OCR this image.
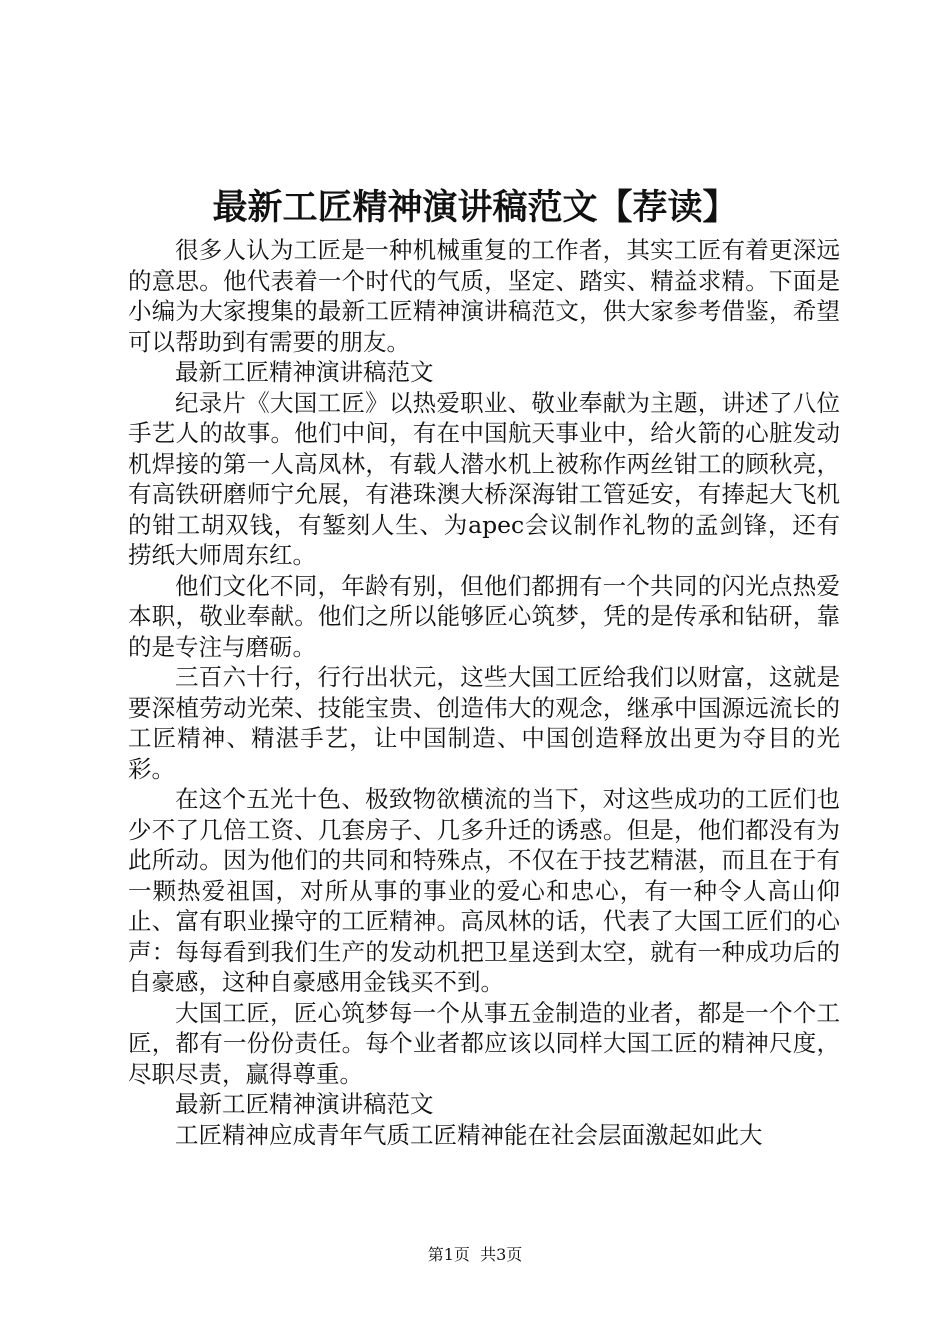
最新工匠精神演讲稿范文【荐读】

很多人认为工匠是一种机械重复的工作者，其实工匠有着更深远的意思。他代表着一个时代的气质，坚定、踏实、精益求精。下面是小编为大家搜集的最新工匠精神演讲稿范文，供大家参考借鉴，希望可以帮助到有需要的朋友。

最新工匠精神演讲稿范文

纪录片《大国工匠》以热爱职业、敬业奉献为主题，讲述了八位手艺人的故事。他们中间，有在中国航天事业中，给火箭的心脏发动机焊接的第一人高凤林，有载人潜水机上被称作两丝钳工的顾秋亮，有高铁研磨师宁允展，有港珠澳大桥深海钳工管延安，有捧起大飞机的钳工胡双钱，有錾刻人生、为apec会议制作礼物的孟剑锋，还有捞纸大师周东红。

他们文化不同，年龄有别，但他们都拥有一个共同的闪光点热爱本职，敬业奉献。他们之所以能够匠心筑梦，凭的是传承和钻研，靠的是专注与磨砺。

三百六十行，行行出状元，这些大国工匠给我们以财富，这就是要深植劳动光荣、技能宝贵、创造伟大的观念，继承中国源远流长的工匠精神、精湛手艺，让中国制造、中国创造释放出更为夺目的光彩。

在这个五光十色、极致物欲横流的当下，对这些成功的工匠们也少不了几倍工资、几套房子、几多升迁的诱惑。但是，他们都没有为此所动。因为他们的共同和特殊点，不仅在于技艺精湛，而且在于有一颗热爱祖国，对所从事的事业的爱心和忠心，有一种令人高山仰止、富有职业操守的工匠精神。高凤林的话，代表了大国工匠们的心声：每每看到我们生产的发动机把卫星送到太空，就有一种成功后的自豪感，这种自豪感用金钱买不到。

大国工匠，匠心筑梦每一个从事五金制造的业者，都是一个个工匠，都有一份份责任。每个业者都应该以同样大国工匠的精神尺度，尽职尽责，赢得尊重。

最新工匠精神演讲稿范文

工匠精神应成青年气质工匠精神能在社会层面激起如此大

第1页 共3页
